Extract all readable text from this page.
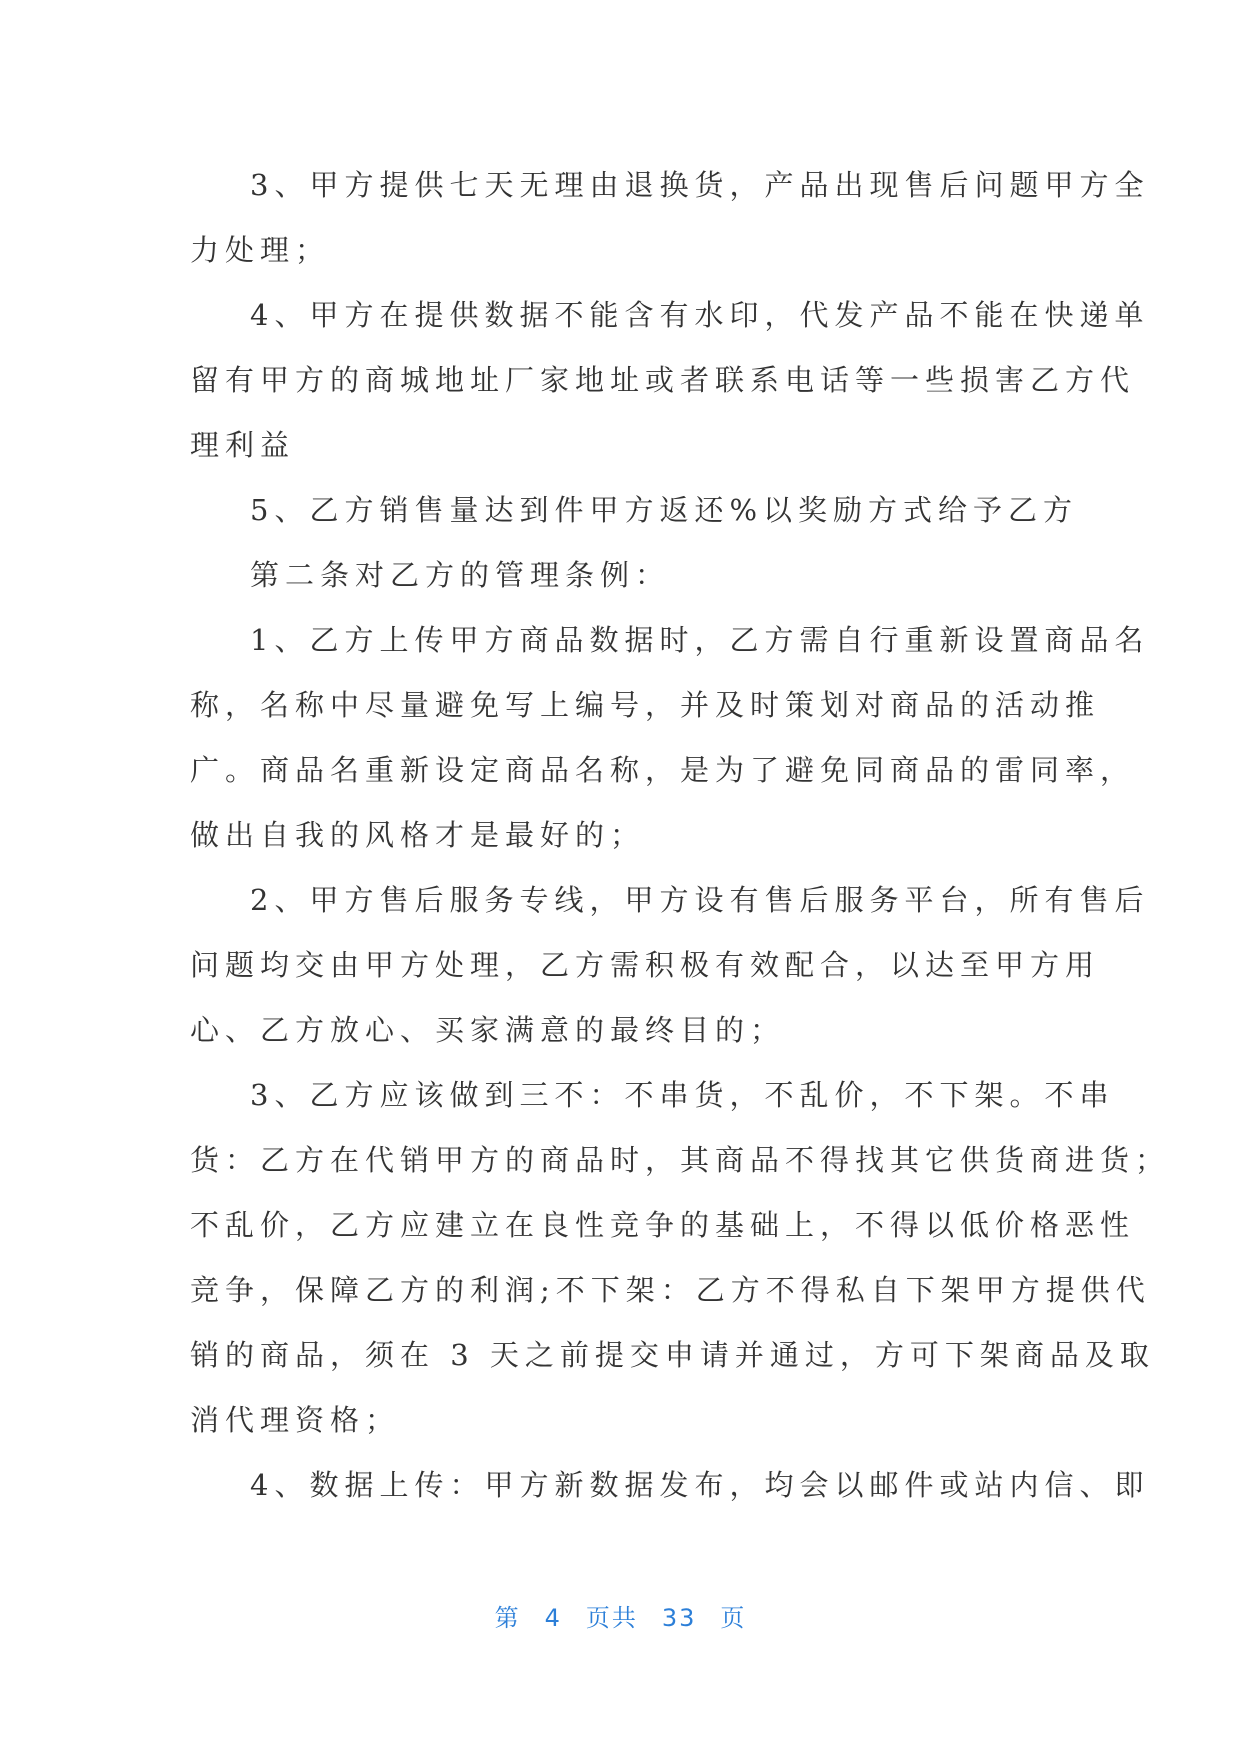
3、甲方提供七天无理由退换货，产品出现售后问题甲方全
力处理；
4、甲方在提供数据不能含有水印，代发产品不能在快递单
留有甲方的商城地址厂家地址或者联系电话等一些损害乙方代
理利益
5、乙方销售量达到件甲方返还%以奖励方式给予乙方
第二条对乙方的管理条例：
1、乙方上传甲方商品数据时，乙方需自行重新设置商品名
称，名称中尽量避免写上编号，并及时策划对商品的活动推
广。商品名重新设定商品名称，是为了避免同商品的雷同率，
做出自我的风格才是最好的；
2、甲方售后服务专线，甲方设有售后服务平台，所有售后
问题均交由甲方处理，乙方需积极有效配合，以达至甲方用
心、乙方放心、买家满意的最终目的；
3、乙方应该做到三不：不串货，不乱价，不下架。不串
货：乙方在代销甲方的商品时，其商品不得找其它供货商进货；
不乱价，乙方应建立在良性竞争的基础上，不得以低价格恶性
竞争，保障乙方的利润;不下架：乙方不得私自下架甲方提供代
销的商品，须在 3 天之前提交申请并通过，方可下架商品及取
消代理资格；
4、数据上传：甲方新数据发布，均会以邮件或站内信、即
第 4 页共 33 页
